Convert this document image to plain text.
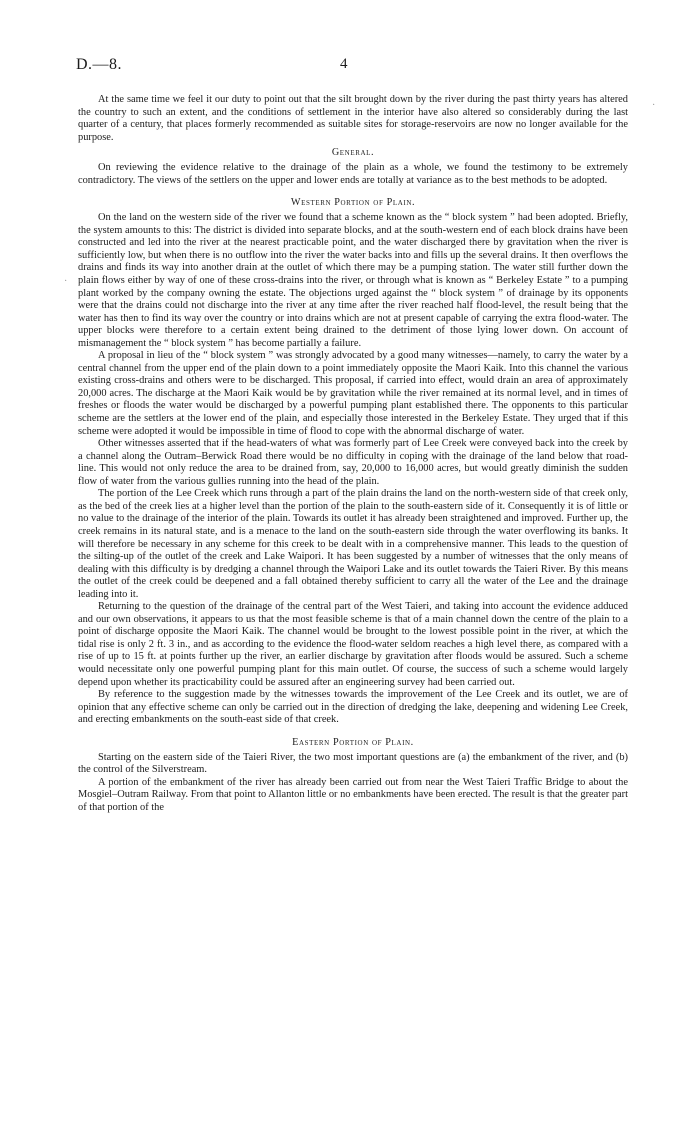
D.—8.	4
·
·

At the same time we feel it our duty to point out that the silt brought down by the river during the past thirty years has altered the country to such an extent, and the conditions of settlement in the interior have also altered so considerably during the last quarter of a century, that places formerly recommended as suitable sites for storage-reservoirs are now no longer available for the purpose.

General.

On reviewing the evidence relative to the drainage of the plain as a whole, we found the testimony to be extremely contradictory. The views of the settlers on the upper and lower ends are totally at variance as to the best methods to be adopted.

Western Portion of Plain.

On the land on the western side of the river we found that a scheme known as the “ block system ” had been adopted. Briefly, the system amounts to this: The district is divided into separate blocks, and at the south-western end of each block drains have been constructed and led into the river at the nearest practicable point, and the water discharged there by gravitation when the river is sufficiently low, but when there is no outflow into the river the water backs into and fills up the several drains. It then overflows the drains and finds its way into another drain at the outlet of which there may be a pumping station. The water still further down the plain flows either by way of one of these cross-drains into the river, or through what is known as “ Berkeley Estate ” to a pumping plant worked by the company owning the estate. The objections urged against the “ block system ” of drainage by its opponents were that the drains could not discharge into the river at any time after the river reached half flood-level, the result being that the water has then to find its way over the country or into drains which are not at present capable of carrying the extra flood-water. The upper blocks were therefore to a certain extent being drained to the detriment of those lying lower down. On account of mismanagement the “ block system ” has become partially a failure.

A proposal in lieu of the “ block system ” was strongly advocated by a good many witnesses—namely, to carry the water by a central channel from the upper end of the plain down to a point immediately opposite the Maori Kaik. Into this channel the various existing cross-drains and others were to be discharged. This proposal, if carried into effect, would drain an area of approximately 20,000 acres. The discharge at the Maori Kaik would be by gravitation while the river remained at its normal level, and in times of freshes or floods the water would be discharged by a powerful pumping plant established there. The opponents to this particular scheme are the settlers at the lower end of the plain, and especially those interested in the Berkeley Estate. They urged that if this scheme were adopted it would be impossible in time of flood to cope with the abnormal discharge of water.

Other witnesses asserted that if the head-waters of what was formerly part of Lee Creek were conveyed back into the creek by a channel along the Outram–Berwick Road there would be no difficulty in coping with the drainage of the land below that road-line. This would not only reduce the area to be drained from, say, 20,000 to 16,000 acres, but would greatly diminish the sudden flow of water from the various gullies running into the head of the plain.

The portion of the Lee Creek which runs through a part of the plain drains the land on the north-western side of that creek only, as the bed of the creek lies at a higher level than the portion of the plain to the south-eastern side of it. Consequently it is of little or no value to the drainage of the interior of the plain. Towards its outlet it has already been straightened and improved. Further up, the creek remains in its natural state, and is a menace to the land on the south-eastern side through the water overflowing its banks. It will therefore be necessary in any scheme for this creek to be dealt with in a comprehensive manner. This leads to the question of the silting-up of the outlet of the creek and Lake Waipori. It has been suggested by a number of witnesses that the only means of dealing with this difficulty is by dredging a channel through the Waipori Lake and its outlet towards the Taieri River. By this means the outlet of the creek could be deepened and a fall obtained thereby sufficient to carry all the water of the Lee and the drainage leading into it.

Returning to the question of the drainage of the central part of the West Taieri, and taking into account the evidence adduced and our own observations, it appears to us that the most feasible scheme is that of a main channel down the centre of the plain to a point of discharge opposite the Maori Kaik. The channel would be brought to the lowest possible point in the river, at which the tidal rise is only 2 ft. 3 in., and as according to the evidence the flood-water seldom reaches a high level there, as compared with a rise of up to 15 ft. at points further up the river, an earlier discharge by gravitation after floods would be assured. Such a scheme would necessitate only one powerful pumping plant for this main outlet. Of course, the success of such a scheme would largely depend upon whether its practicability could be assured after an engineering survey had been carried out.

By reference to the suggestion made by the witnesses towards the improvement of the Lee Creek and its outlet, we are of opinion that any effective scheme can only be carried out in the direction of dredging the lake, deepening and widening Lee Creek, and erecting embankments on the south-east side of that creek.

Eastern Portion of Plain.

Starting on the eastern side of the Taieri River, the two most important questions are (a) the embankment of the river, and (b) the control of the Silverstream.

A portion of the embankment of the river has already been carried out from near the West Taieri Traffic Bridge to about the Mosgiel–Outram Railway. From that point to Allanton little or no embankments have been erected. The result is that the greater part of that portion of the
